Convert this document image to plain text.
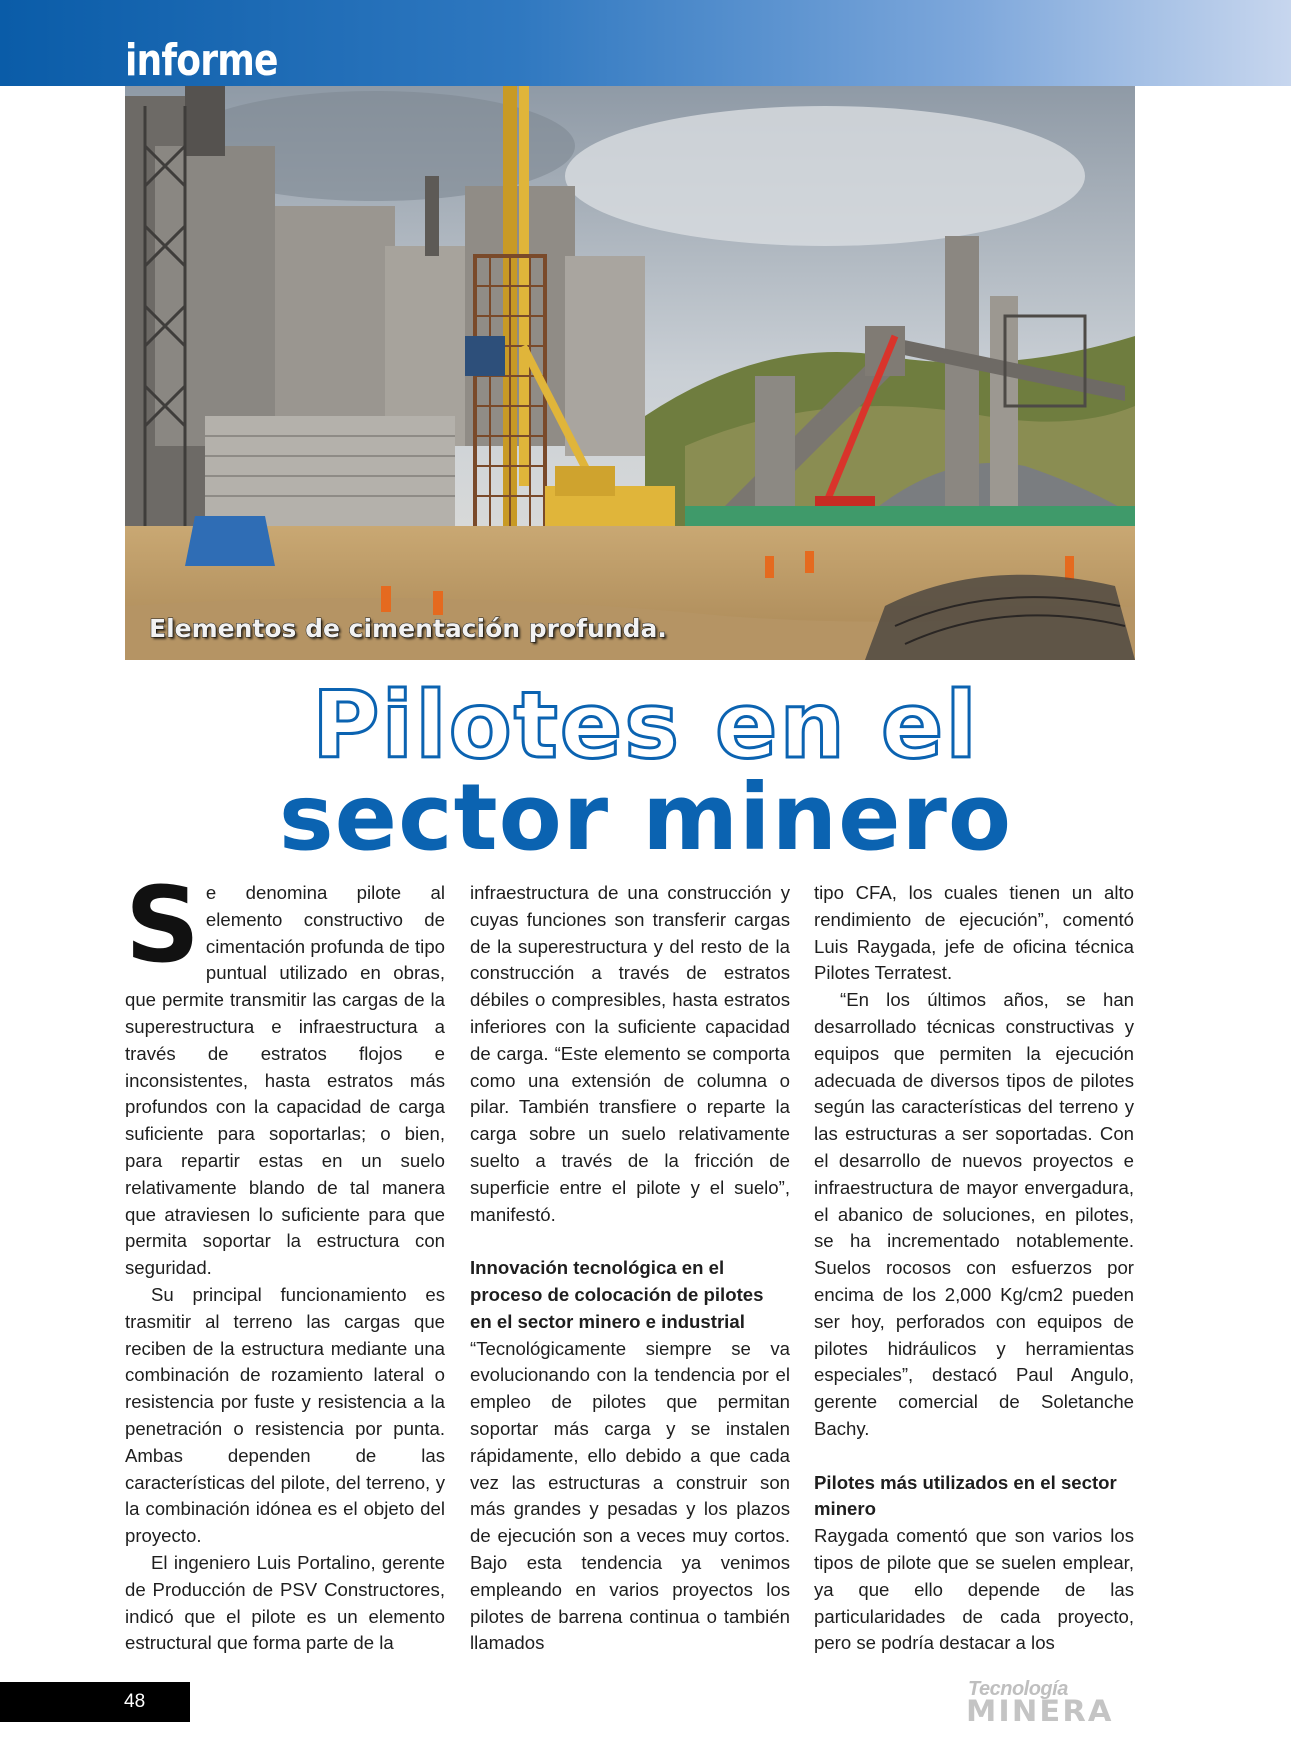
informe

Elementos de cimentación profunda.

Pilotes en el
sector minero

Se denomina pilote al elemento constructivo de cimentación profunda de tipo puntual utilizado en obras, que permite transmitir las cargas de la superestructura e infraestructura a través de estratos flojos e inconsistentes, hasta estratos más profundos con la capacidad de carga suficiente para soportarlas; o bien, para repartir estas en un suelo relativamente blando de tal manera que atraviesen lo suficiente para que permita soportar la estructura con seguridad.

Su principal funcionamiento es trasmitir al terreno las cargas que reciben de la estructura mediante una combinación de rozamiento lateral o resistencia por fuste y resistencia a la penetración o resistencia por punta. Ambas dependen de las características del pilote, del terreno, y la combinación idónea es el objeto del proyecto.

El ingeniero Luis Portalino, gerente de Producción de PSV Constructores, indicó que el pilote es un elemento estructural que forma parte de la

infraestructura de una construcción y cuyas funciones son transferir cargas de la superestructura y del resto de la construcción a través de estratos débiles o compresibles, hasta estratos inferiores con la suficiente capacidad de carga. “Este elemento se comporta como una extensión de columna o pilar. También transfiere o reparte la carga sobre un suelo relativamente suelto a través de la fricción de superficie entre el pilote y el suelo”, manifestó.

Innovación tecnológica en el proceso de colocación de pilotes en el sector minero e industrial

“Tecnológicamente siempre se va evolucionando con la tendencia por el empleo de pilotes que permitan soportar más carga y se instalen rápidamente, ello debido a que cada vez las estructuras a construir son más grandes y pesadas y los plazos de ejecución son a veces muy cortos. Bajo esta tendencia ya venimos empleando en varios proyectos los pilotes de barrena continua o también llamados

tipo CFA, los cuales tienen un alto rendimiento de ejecución”, comentó Luis Raygada, jefe de oficina técnica Pilotes Terratest.

“En los últimos años, se han desarrollado técnicas constructivas y equipos que permiten la ejecución adecuada de diversos tipos de pilotes según las características del terreno y las estructuras a ser soportadas. Con el desarrollo de nuevos proyectos e infraestructura de mayor envergadura, el abanico de soluciones, en pilotes, se ha incrementado notablemente. Suelos rocosos con esfuerzos por encima de los 2,000 Kg/cm2 pueden ser hoy, perforados con equipos de pilotes hidráulicos y herramientas especiales”, destacó Paul Angulo, gerente comercial de Soletanche Bachy.

Pilotes más utilizados en el sector minero

Raygada comentó que son varios los tipos de pilote que se suelen emplear, ya que ello depende de las particularidades de cada proyecto, pero se podría destacar a los

48

Tecnología

MINERA
